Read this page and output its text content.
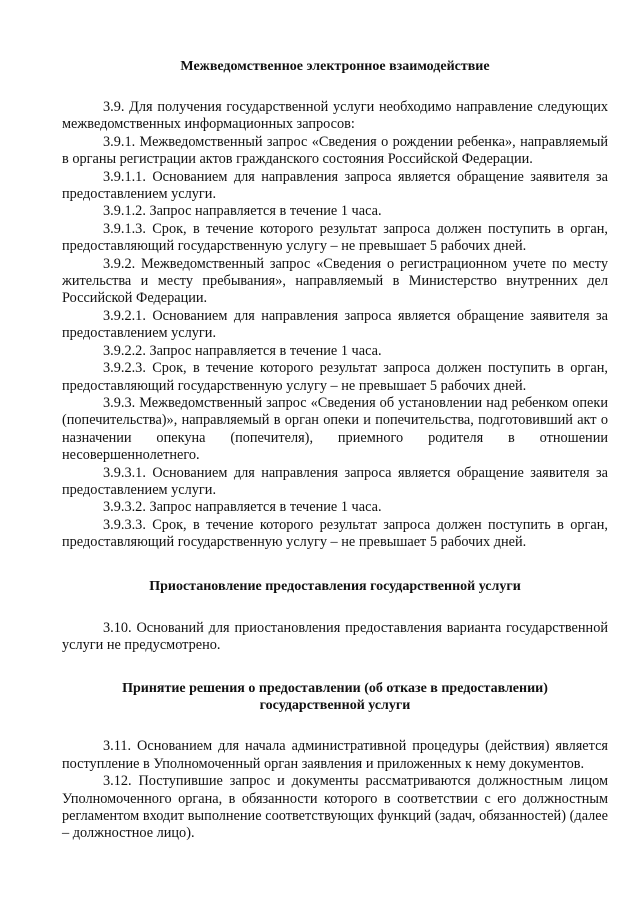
Межведомственное электронное взаимодействие

3.9. Для получения государственной услуги необходимо направление следующих межведомственных информационных запросов:

3.9.1. Межведомственный запрос «Сведения о рождении ребенка», направляемый в органы регистрации актов гражданского состояния Российской Федерации.

3.9.1.1. Основанием для направления запроса является обращение заявителя за предоставлением услуги.

3.9.1.2. Запрос направляется в течение 1 часа.

3.9.1.3. Срок, в течение которого результат запроса должен поступить в орган, предоставляющий государственную услугу – не превышает 5 рабочих дней.

3.9.2. Межведомственный запрос «Сведения о регистрационном учете по месту жительства и месту пребывания», направляемый в Министерство внутренних дел Российской Федерации.

3.9.2.1. Основанием для направления запроса является обращение заявителя за предоставлением услуги.

3.9.2.2. Запрос направляется в течение 1 часа.

3.9.2.3. Срок, в течение которого результат запроса должен поступить в орган, предоставляющий государственную услугу – не превышает 5 рабочих дней.

3.9.3. Межведомственный запрос «Сведения об установлении над ребенком опеки (попечительства)», направляемый в орган опеки и попечительства, подготовивший акт о назначении опекуна (попечителя), приемного родителя в отношении несовершеннолетнего.

3.9.3.1. Основанием для направления запроса является обращение заявителя за предоставлением услуги.

3.9.3.2. Запрос направляется в течение 1 часа.

3.9.3.3. Срок, в течение которого результат запроса должен поступить в орган, предоставляющий государственную услугу – не превышает 5 рабочих дней.

Приостановление предоставления государственной услуги

3.10. Оснований для приостановления предоставления варианта государственной услуги не предусмотрено.

Принятие решения о предоставлении (об отказе в предоставлении)
государственной услуги

3.11. Основанием для начала административной процедуры (действия) является поступление в Уполномоченный орган заявления и приложенных к нему документов.

3.12. Поступившие запрос и документы рассматриваются должностным лицом Уполномоченного органа, в обязанности которого в соответствии с его должностным регламентом входит выполнение соответствующих функций (задач, обязанностей) (далее – должностное лицо).
